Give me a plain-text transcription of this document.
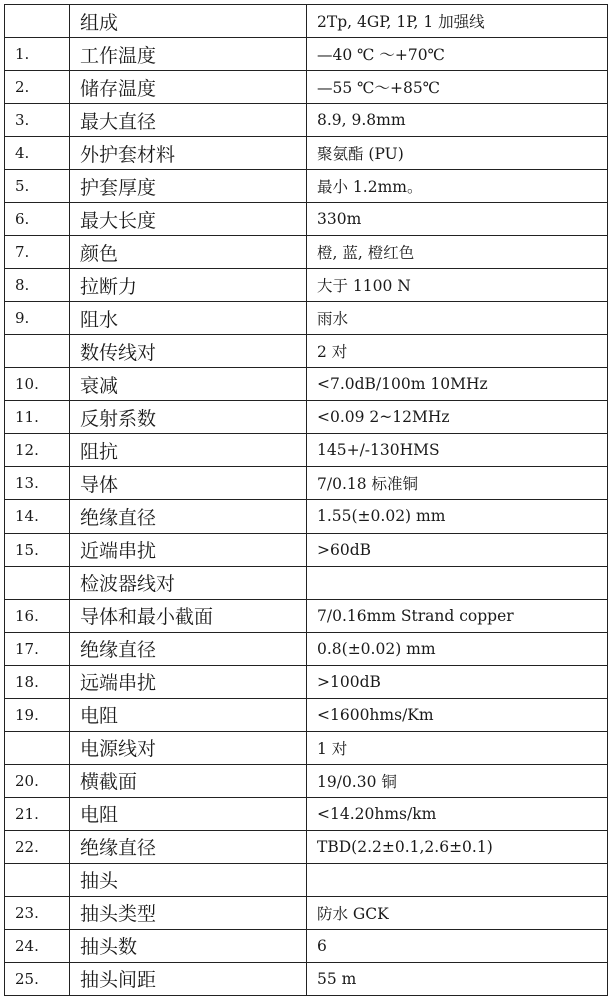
	组成	2Tp, 4GP, 1P, 1 加强线
1.	工作温度	—40 ℃ ～+70℃
2.	储存温度	—55 ℃～+85℃
3.	最大直径	8.9, 9.8mm
4.	外护套材料	聚氨酯 (PU)
5.	护套厚度	最小 1.2mm。
6.	最大长度	330m
7.	颜色	橙, 蓝, 橙红色
8.	拉断力	大于 1100 N
9.	阻水	雨水
	数传线对	2 对
10.	衰减	<7.0dB/100m 10MHz
11.	反射系数	<0.09 2~12MHz
12.	阻抗	145+/-130HMS
13.	导体	7/0.18 标准铜
14.	绝缘直径	1.55(±0.02) mm
15.	近端串扰	>60dB
	检波器线对	
16.	导体和最小截面	7/0.16mm Strand copper
17.	绝缘直径	0.8(±0.02) mm
18.	远端串扰	>100dB
19.	电阻	<1600hms/Km
	电源线对	1 对
20.	横截面	19/0.30 铜
21.	电阻	<14.20hms/km
22.	绝缘直径	TBD(2.2±0.1,2.6±0.1)
	抽头	
23.	抽头类型	防水 GCK
24.	抽头数	6
25.	抽头间距	55 m
